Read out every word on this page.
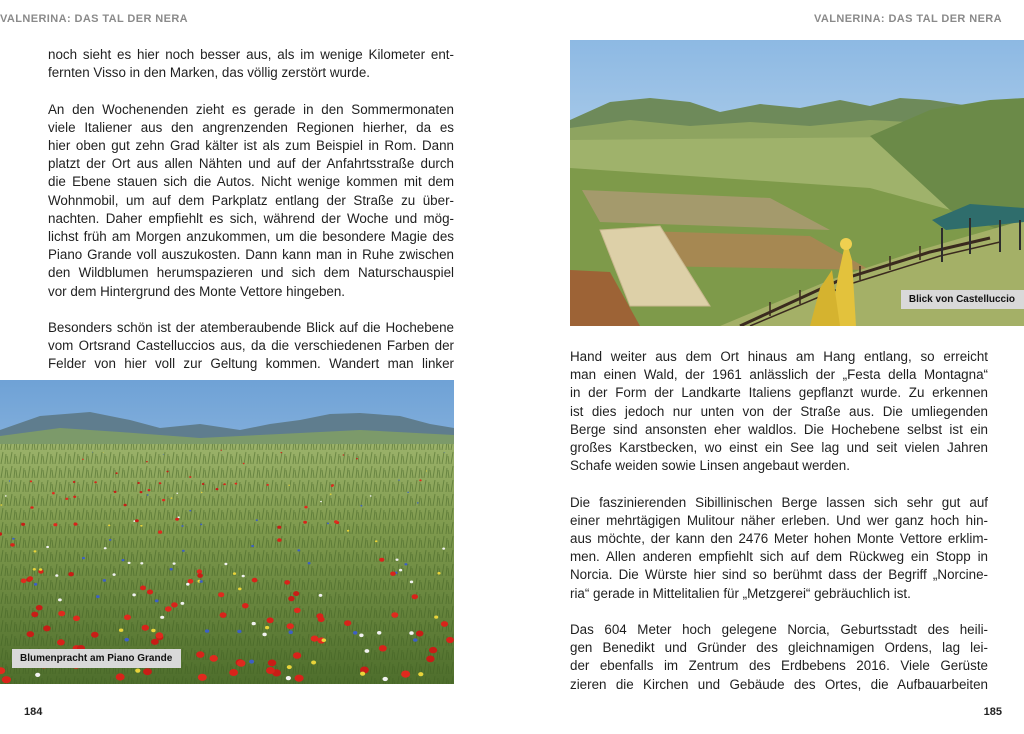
VALNERINA: DAS TAL DER NERA

noch sieht es hier noch besser aus, als im wenige Kilometer ent-
fernten Visso in den Marken, das völlig zerstört wurde.

An den Wochenenden zieht es gerade in den Sommermonaten
viele Italiener aus den angrenzenden Regionen hierher, da es
hier oben gut zehn Grad kälter ist als zum Beispiel in Rom. Dann
platzt der Ort aus allen Nähten und auf der Anfahrtsstraße durch
die Ebene stauen sich die Autos. Nicht wenige kommen mit dem
Wohnmobil, um auf dem Parkplatz entlang der Straße zu über-
nachten. Daher empfiehlt es sich, während der Woche und mög-
lichst früh am Morgen anzukommen, um die besondere Magie des
Piano Grande voll auszukosten. Dann kann man in Ruhe zwischen
den Wildblumen herumspazieren und sich dem Naturschauspiel
vor dem Hintergrund des Monte Vettore hingeben.

Besonders schön ist der atemberaubende Blick auf die Hochebene
vom Ortsrand Castelluccios aus, da die verschiedenen Farben der
Felder von hier voll zur Geltung kommen. Wandert man linker

Blumenpracht am Piano Grande
184
VALNERINA: DAS TAL DER NERA
Blick von Castelluccio

Hand weiter aus dem Ort hinaus am Hang entlang, so erreicht
man einen Wald, der 1961 anlässlich der „Festa della Montagna“
in der Form der Landkarte Italiens gepflanzt wurde. Zu erkennen
ist dies jedoch nur unten von der Straße aus. Die umliegenden
Berge sind ansonsten eher waldlos. Die Hochebene selbst ist ein
großes Karstbecken, wo einst ein See lag und seit vielen Jahren
Schafe weiden sowie Linsen angebaut werden.

Die faszinierenden Sibillinischen Berge lassen sich sehr gut auf
einer mehrtägigen Mulitour näher erleben. Und wer ganz hoch hin-
aus möchte, der kann den 2476 Meter hohen Monte Vettore erklim-
men. Allen anderen empfiehlt sich auf dem Rückweg ein Stopp in
Norcia. Die Würste hier sind so berühmt dass der Begriff „Norcine-
ria“ gerade in Mittelitalien für „Metzgerei“ gebräuchlich ist.

Das 604 Meter hoch gelegene Norcia, Geburtsstadt des heili-
gen Benedikt und Gründer des gleichnamigen Ordens, lag lei-
der ebenfalls im Zentrum des Erdbebens 2016. Viele Gerüste
zieren die Kirchen und Gebäude des Ortes, die Aufbauarbeiten

185
